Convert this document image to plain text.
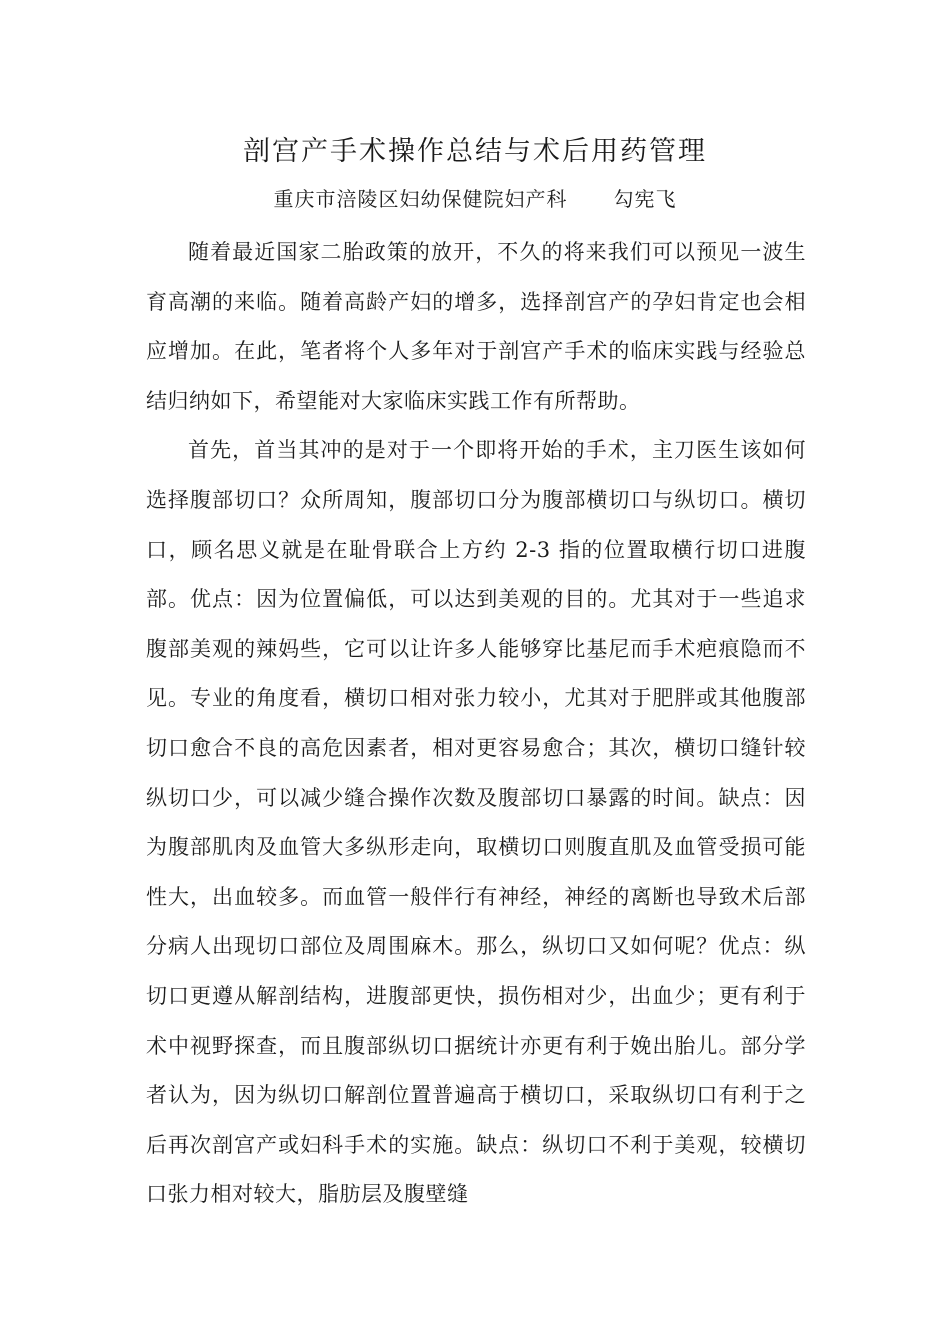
剖宫产手术操作总结与术后用药管理
重庆市涪陵区妇幼保健院妇产科 勾宪飞

随着最近国家二胎政策的放开，不久的将来我们可以预见一波生育高潮的来临。随着高龄产妇的增多，选择剖宫产的孕妇肯定也会相应增加。在此，笔者将个人多年对于剖宫产手术的临床实践与经验总结归纳如下，希望能对大家临床实践工作有所帮助。

首先，首当其冲的是对于一个即将开始的手术，主刀医生该如何选择腹部切口？众所周知，腹部切口分为腹部横切口与纵切口。横切口，顾名思义就是在耻骨联合上方约 2-3 指的位置取横行切口进腹部。优点：因为位置偏低，可以达到美观的目的。尤其对于一些追求腹部美观的辣妈些，它可以让许多人能够穿比基尼而手术疤痕隐而不见。专业的角度看，横切口相对张力较小，尤其对于肥胖或其他腹部切口愈合不良的高危因素者，相对更容易愈合；其次，横切口缝针较纵切口少，可以减少缝合操作次数及腹部切口暴露的时间。缺点：因为腹部肌肉及血管大多纵形走向，取横切口则腹直肌及血管受损可能性大，出血较多。而血管一般伴行有神经，神经的离断也导致术后部分病人出现切口部位及周围麻木。那么，纵切口又如何呢？优点：纵切口更遵从解剖结构，进腹部更快，损伤相对少，出血少；更有利于术中视野探查，而且腹部纵切口据统计亦更有利于娩出胎儿。部分学者认为，因为纵切口解剖位置普遍高于横切口，采取纵切口有利于之后再次剖宫产或妇科手术的实施。缺点：纵切口不利于美观，较横切口张力相对较大，脂肪层及腹壁缝
